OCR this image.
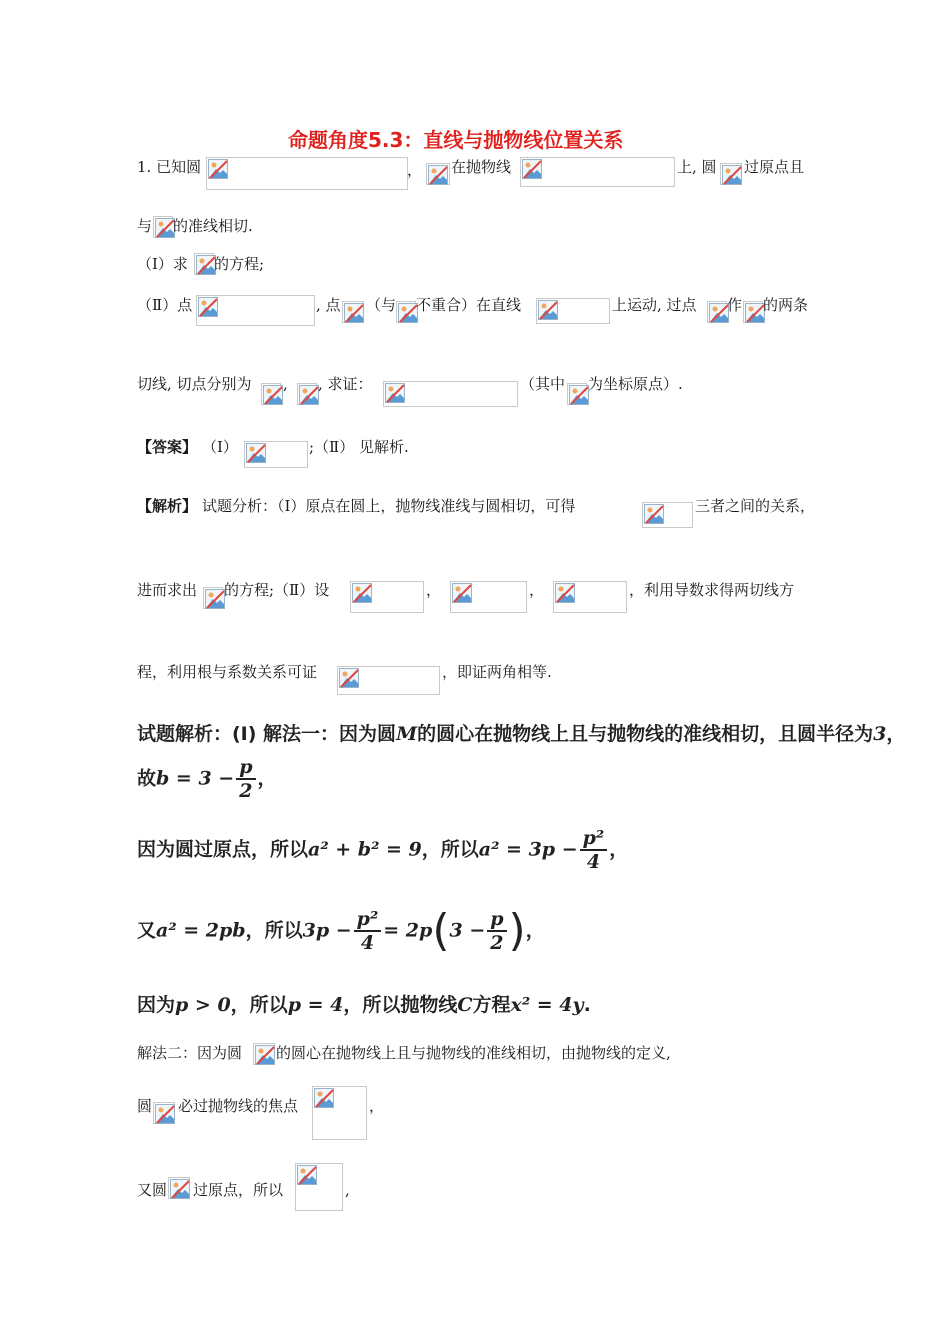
命题角度5.3：直线与抛物线位置关系
1. 已知圆	， 在抛物线	上, 圆 过原点且
与 的准线相切.
（Ⅰ）求 的方程;
（Ⅱ）点	, 点 （与 不重合）在直线	上运动, 过点 作 的两条
切线, 切点分别为 , , 求证：	（其中 为坐标原点）.
【答案】 （Ⅰ）	;（Ⅱ） 见解析.
【解析】 试题分析：（Ⅰ）原点在圆上，抛物线准线与圆相切，可得	三者之间的关系，
进而求出 的方程;（Ⅱ）设	，	，	，利用导数求得两切线方
程，利用根与系数关系可证	，即证两角相等.
试题解析：(Ⅰ) 解法一：因为圆M的圆心在抛物线上且与抛物线的准线相切，且圆半径为3，
故$b = 3 - \frac{p}{2}$ ，
因为圆过原点，所以a² + b² = 9，所以$a^2 = 3p - \frac{\text{p²}}{4}$ ，
又a² = 2pb，所以$3p - \frac{\text{p²}}{4} = 2p(3 - \frac{p}{2}$ )，
因为p > 0，所以p = 4，所以抛物线C方程x² = 4y.
解法二：因为圆 的圆心在抛物线上且与抛物线的准线相切，由抛物线的定义,
圆 必过抛物线的焦点	，
又圆 过原点，所以	,
